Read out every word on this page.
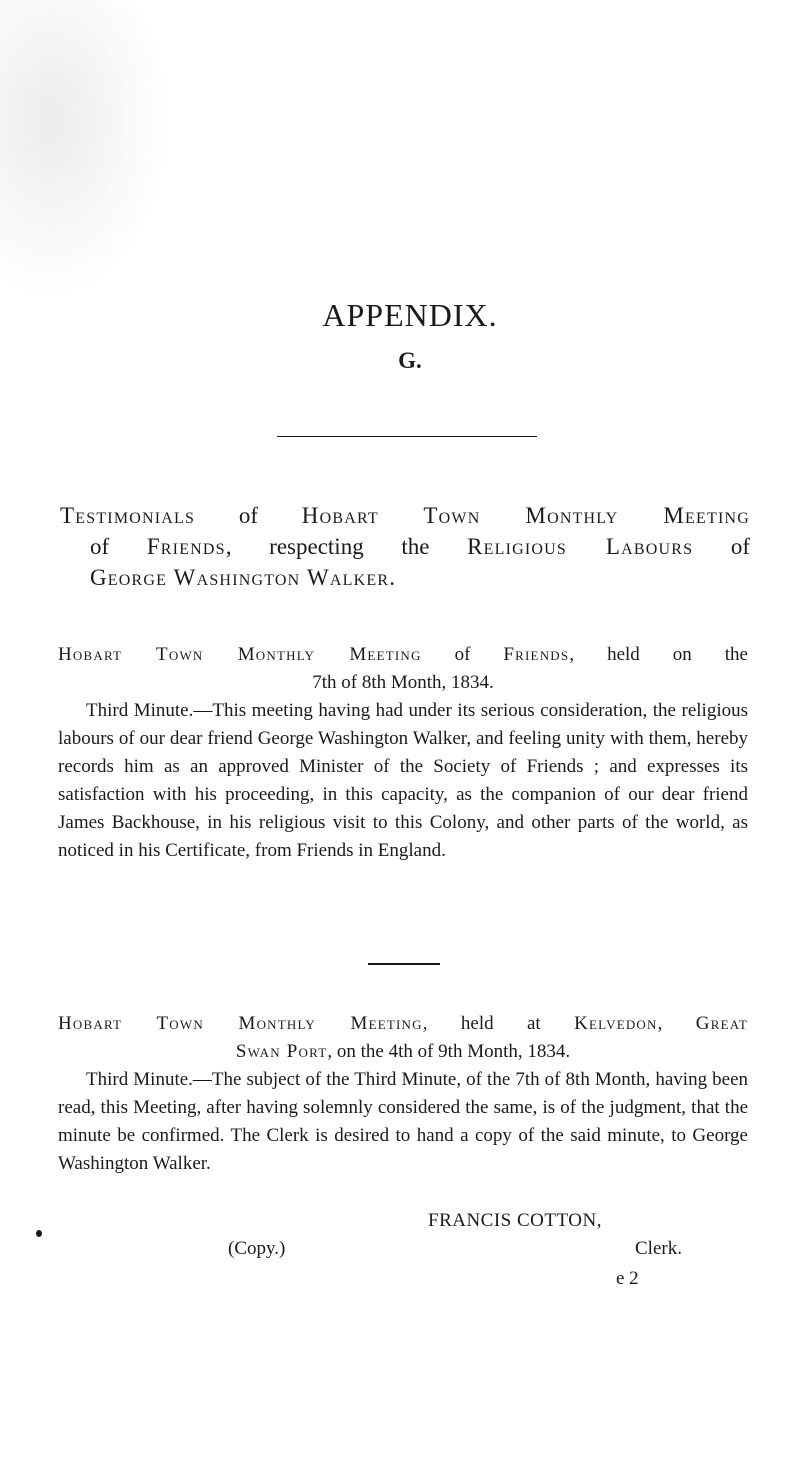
APPENDIX.
G.
Testimonials of Hobart Town Monthly Meeting
of Friends, respecting the Religious Labours of
George Washington Walker.
Hobart Town Monthly Meeting of Friends, held on the
7th of 8th Month, 1834.

Third Minute.—This meeting having had under its serious consideration, the religious labours of our dear friend George Washington Walker, and feeling unity with them, hereby records him as an approved Minister of the Society of Friends ; and expresses its satisfaction with his proceeding, in this capacity, as the companion of our dear friend James Backhouse, in his religious visit to this Colony, and other parts of the world, as noticed in his Certificate, from Friends in England.

Hobart Town Monthly Meeting, held at Kelvedon, Great
Swan Port, on the 4th of 9th Month, 1834.

Third Minute.—The subject of the Third Minute, of the 7th of 8th Month, having been read, this Meeting, after having solemnly considered the same, is of the judgment, that the minute be confirmed. The Clerk is desired to hand a copy of the said minute, to George Washington Walker.

FRANCIS COTTON,
(Copy.)	Clerk.
e 2
